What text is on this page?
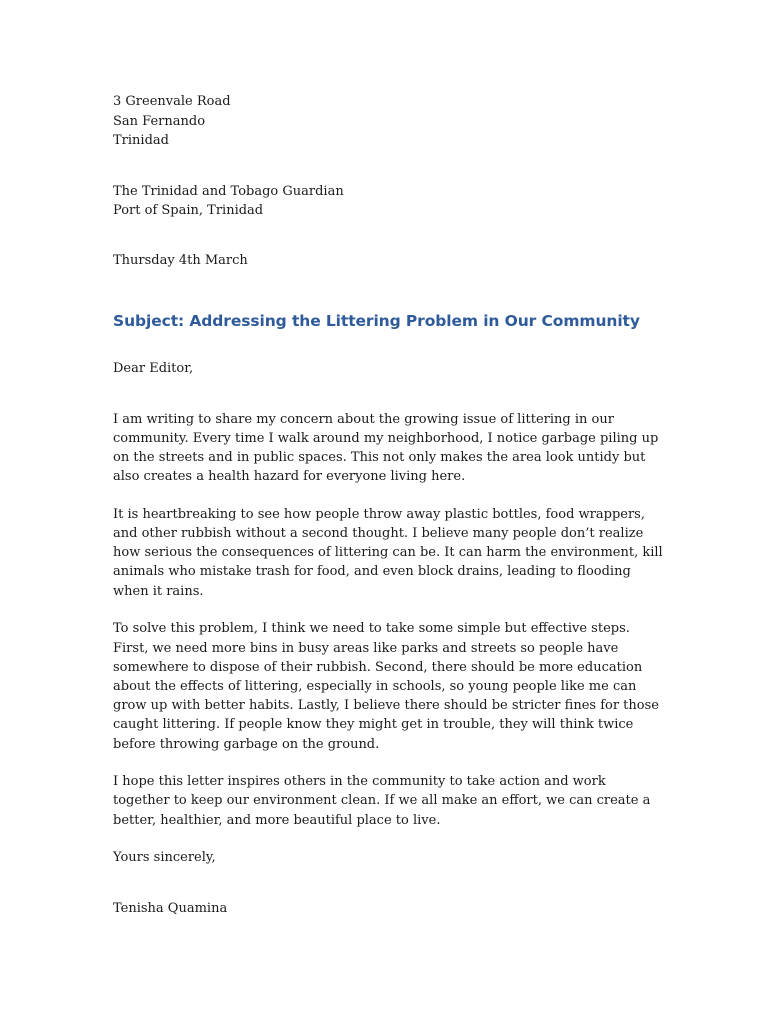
3 Greenvale Road

San Fernando

Trinidad

The Trinidad and Tobago Guardian

Port of Spain, Trinidad

Thursday 4th March

Subject: Addressing the Littering Problem in Our Community

Dear Editor,

I am writing to share my concern about the growing issue of littering in our community. Every time I walk around my neighborhood, I notice garbage piling up on the streets and in public spaces. This not only makes the area look untidy but also creates a health hazard for everyone living here.

It is heartbreaking to see how people throw away plastic bottles, food wrappers, and other rubbish without a second thought. I believe many people don’t realize how serious the consequences of littering can be. It can harm the environment, kill animals who mistake trash for food, and even block drains, leading to flooding when it rains.

To solve this problem, I think we need to take some simple but effective steps. First, we need more bins in busy areas like parks and streets so people have somewhere to dispose of their rubbish. Second, there should be more education about the effects of littering, especially in schools, so young people like me can grow up with better habits. Lastly, I believe there should be stricter fines for those caught littering. If people know they might get in trouble, they will think twice before throwing garbage on the ground.

I hope this letter inspires others in the community to take action and work together to keep our environment clean. If we all make an effort, we can create a better, healthier, and more beautiful place to live.

Yours sincerely,

Tenisha Quamina
